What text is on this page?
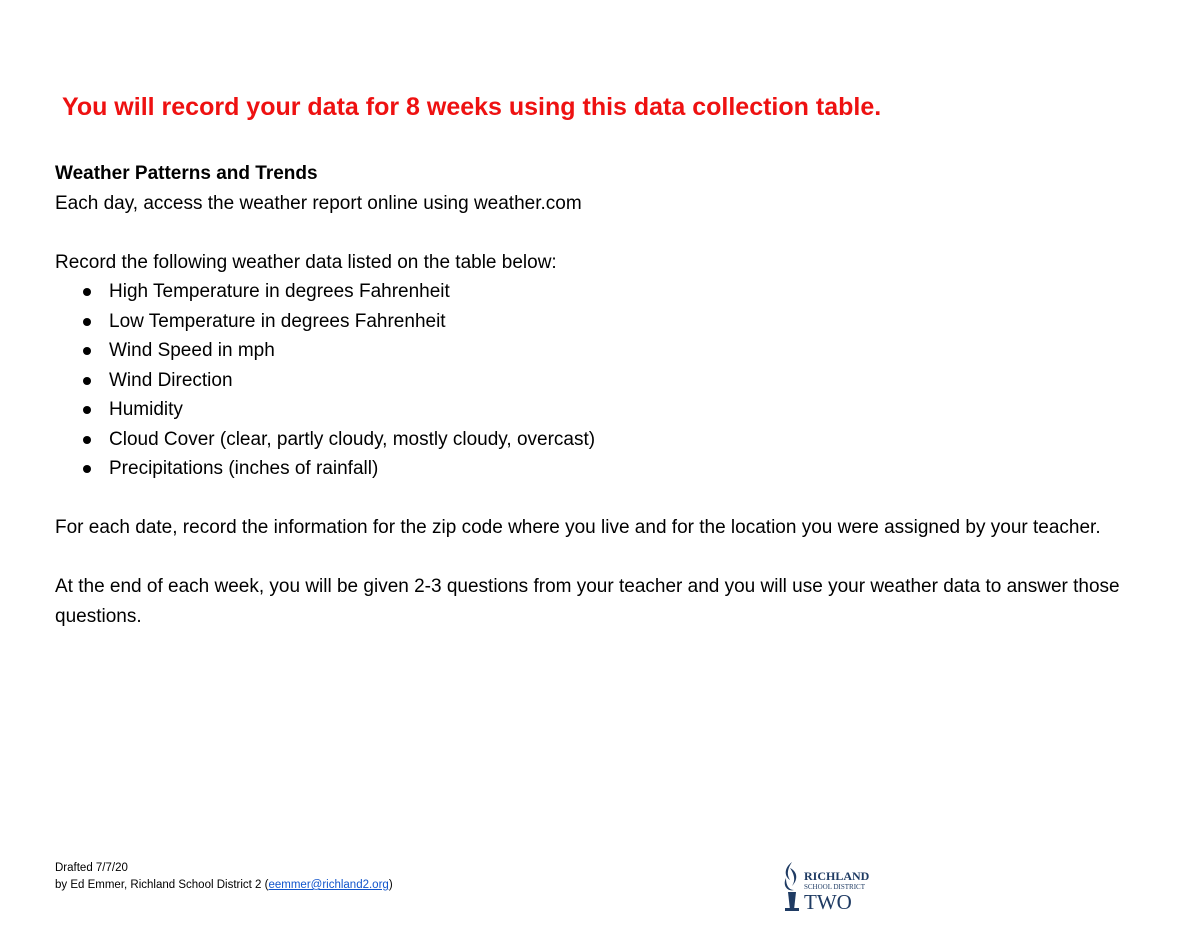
You will record your data for 8 weeks using this data collection table.

Weather Patterns and Trends

Each day, access the weather report online using weather.com

Record the following weather data listed on the table below:

High Temperature in degrees Fahrenheit
Low Temperature in degrees Fahrenheit
Wind Speed in mph
Wind Direction
Humidity
Cloud Cover (clear, partly cloudy, mostly cloudy, overcast)
Precipitations (inches of rainfall)

For each date, record the information for the zip code where you live and for the location you were assigned by your teacher.

At the end of each week, you will be given 2-3 questions from your teacher and you will use your weather data to answer those questions.

Drafted 7/7/20
by Ed Emmer, Richland School District 2 (eemmer@richland2.org)
RICHLAND
SCHOOL DISTRICT
TWO
